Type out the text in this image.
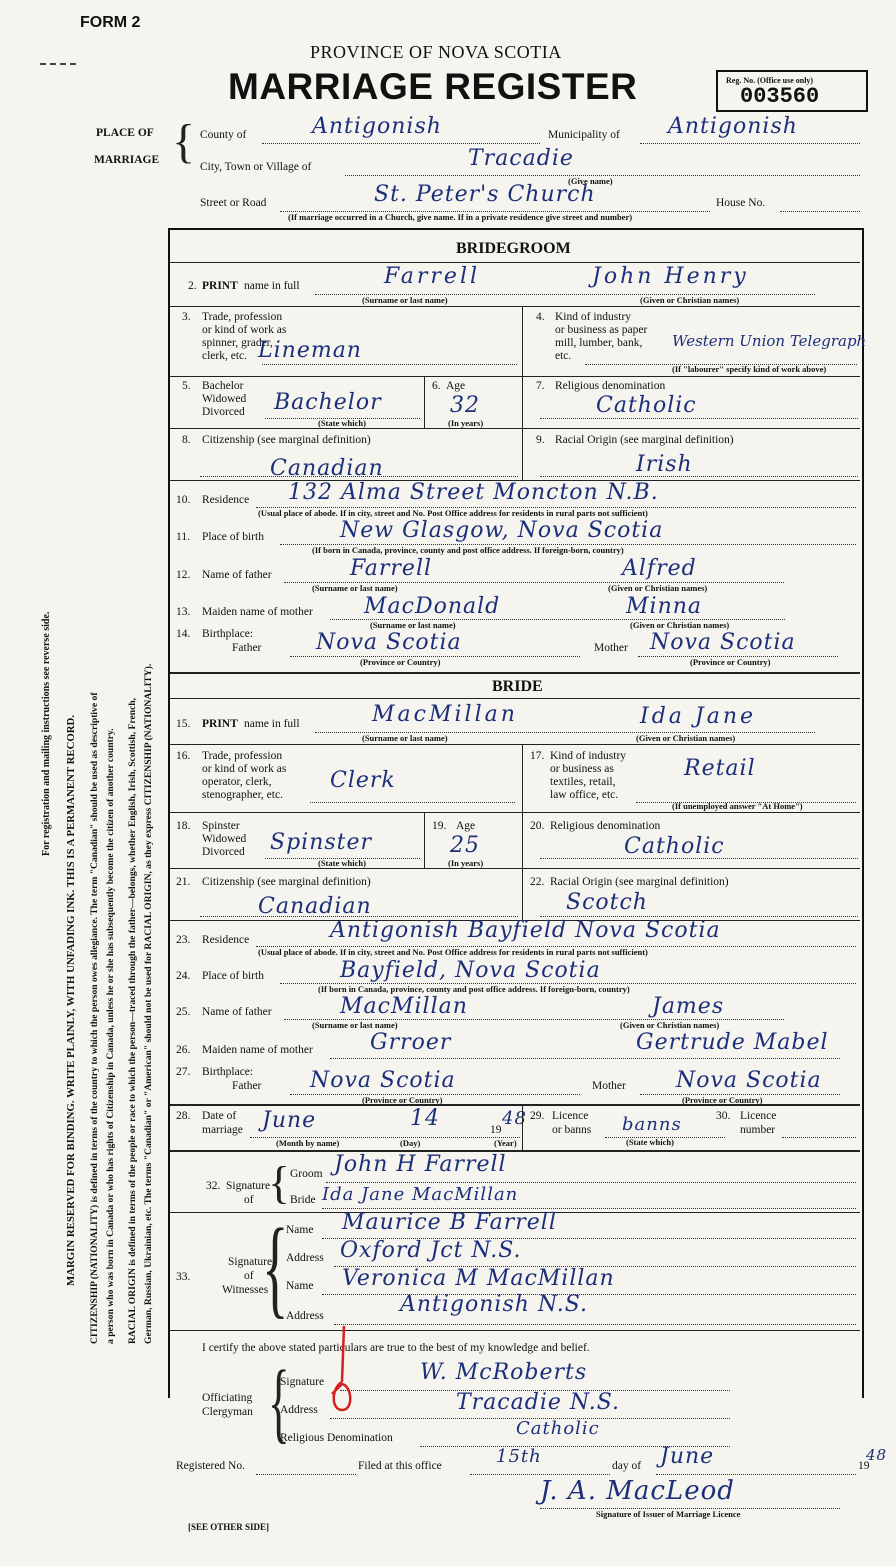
FORM 2
PROVINCE OF NOVA SCOTIA
MARRIAGE REGISTER	Reg. No. (Office use only)
003560
PLACE OF
MARRIAGE { County of	Antigonish	Municipality of Antigonish
City, Town or Village of	Tracadie
(Give name)
Street or Road	St. Peter's Church	House No.
(If marriage occurred in a Church, give name. If in a private residence give street and number)
BRIDEGROOM
2. PRINT name in full	Farrell	John Henry
(Surname or last name)	(Given or Christian names)
3. Trade, profession
or kind of work as
spinner, grader,
clerk, etc. Lineman
4. Kind of industry
or business as paper
mill, lumber, bank,
etc.
Western Union Telegraph
(If "labourer" specify kind of work above)
5. Bachelor
Widowed
Divorced Bachelor
(State which)
6. Age
32
(In years)
7. Religious denomination
Catholic
8. Citizenship (see marginal definition)
Canadian
9. Racial Origin (see marginal definition)
Irish
10. Residence 132 Alma Street Moncton N.B.
(Usual place of abode. If in city, street and No. Post Office address for residents in rural parts not sufficient)
11. Place of birth	New Glasgow, Nova Scotia
(If born in Canada, province, county and post office address. If foreign-born, country)
12. Name of father	Farrell	Alfred
(Surname or last name)	(Given or Christian names)
13. Maiden name of mother MacDonald	Minna
(Surname or last name)	(Given or Christian names)
14. Birthplace:
Father Nova Scotia
(Province or Country)
Mother Nova Scotia
(Province or Country)
BRIDE
15. PRINT name in full	MacMillan	Ida Jane
(Surname or last name)	(Given or Christian names)
16. Trade, profession
or kind of work as
operator, clerk,
stenographer, etc.
Clerk
17. Kind of industry
or business as
textiles, retail,
law office, etc.
Retail
(If unemployed answer "At Home")
18. Spinster
Widowed
Divorced Spinster
(State which)
19. Age
25
(In years)
20. Religious denomination
Catholic
21. Citizenship (see marginal definition)
Canadian
22. Racial Origin (see marginal definition)
Scotch
23. Residence	Antigonish Bayfield Nova Scotia
(Usual place of abode. If in city, street and No. Post Office address for residents in rural parts not sufficient)
24. Place of birth	Bayfield, Nova Scotia
(If born in Canada, province, county and post office address. If foreign-born, country)
25. Name of father	MacMillan	James
(Surname or last name)	(Given or Christian names)
26. Maiden name of mother	Grroer	Gertrude Mabel
27. Birthplace:
Father Nova Scotia
(Province or Country)
Mother Nova Scotia
(Province or Country)
28. Date of
marriage June	14	19
48
(Month by name)	(Day)	(Year)
29. Licence
or banns banns
(State which)
30. Licence
number
32. Signature
of { Groom John H Farrell
Bride Ida Jane MacMillan
Signatures
of
33.
Witnesses
{
Name Maurice B Farrell
Address Oxford Jct N.S.
Name Veronica M MacMillan
Address	Antigonish N.S.
I certify the above stated particulars are true to the best of my knowledge and belief.
Officiating
Clergyman {
Signature	W. McRoberts
Address	Tracadie N.S.
Religious Denomination	Catholic
Registered No.	Filed at this office	15th	day of June	19
48
J. A. MacLeod
Signature of Issuer of Marriage Licence
[SEE OTHER SIDE]
For registration and mailing instructions see reverse side. MARGIN RESERVED FOR BINDING. WRITE PLAINLY, WITH UNFADING INK. THIS IS A PERMANENT RECORD. CITIZENSHIP (NATIONALITY) is defined in terms of the country to which the person owes allegiance. The term "Canadian" should be used as descriptive of a person who was born in Canada or who has rights of Citizenship in Canada, unless he or she has subsequently become the citizen of another country. RACIAL ORIGIN is defined in terms of the people or race to which the person—traced through the father—belongs, whether English, Irish, Scottish, French, German, Russian, Ukrainian, etc. The terms "Canadian" or "American" should not be used for RACIAL ORIGIN, as they express CITIZENSHIP (NATIONALITY).
